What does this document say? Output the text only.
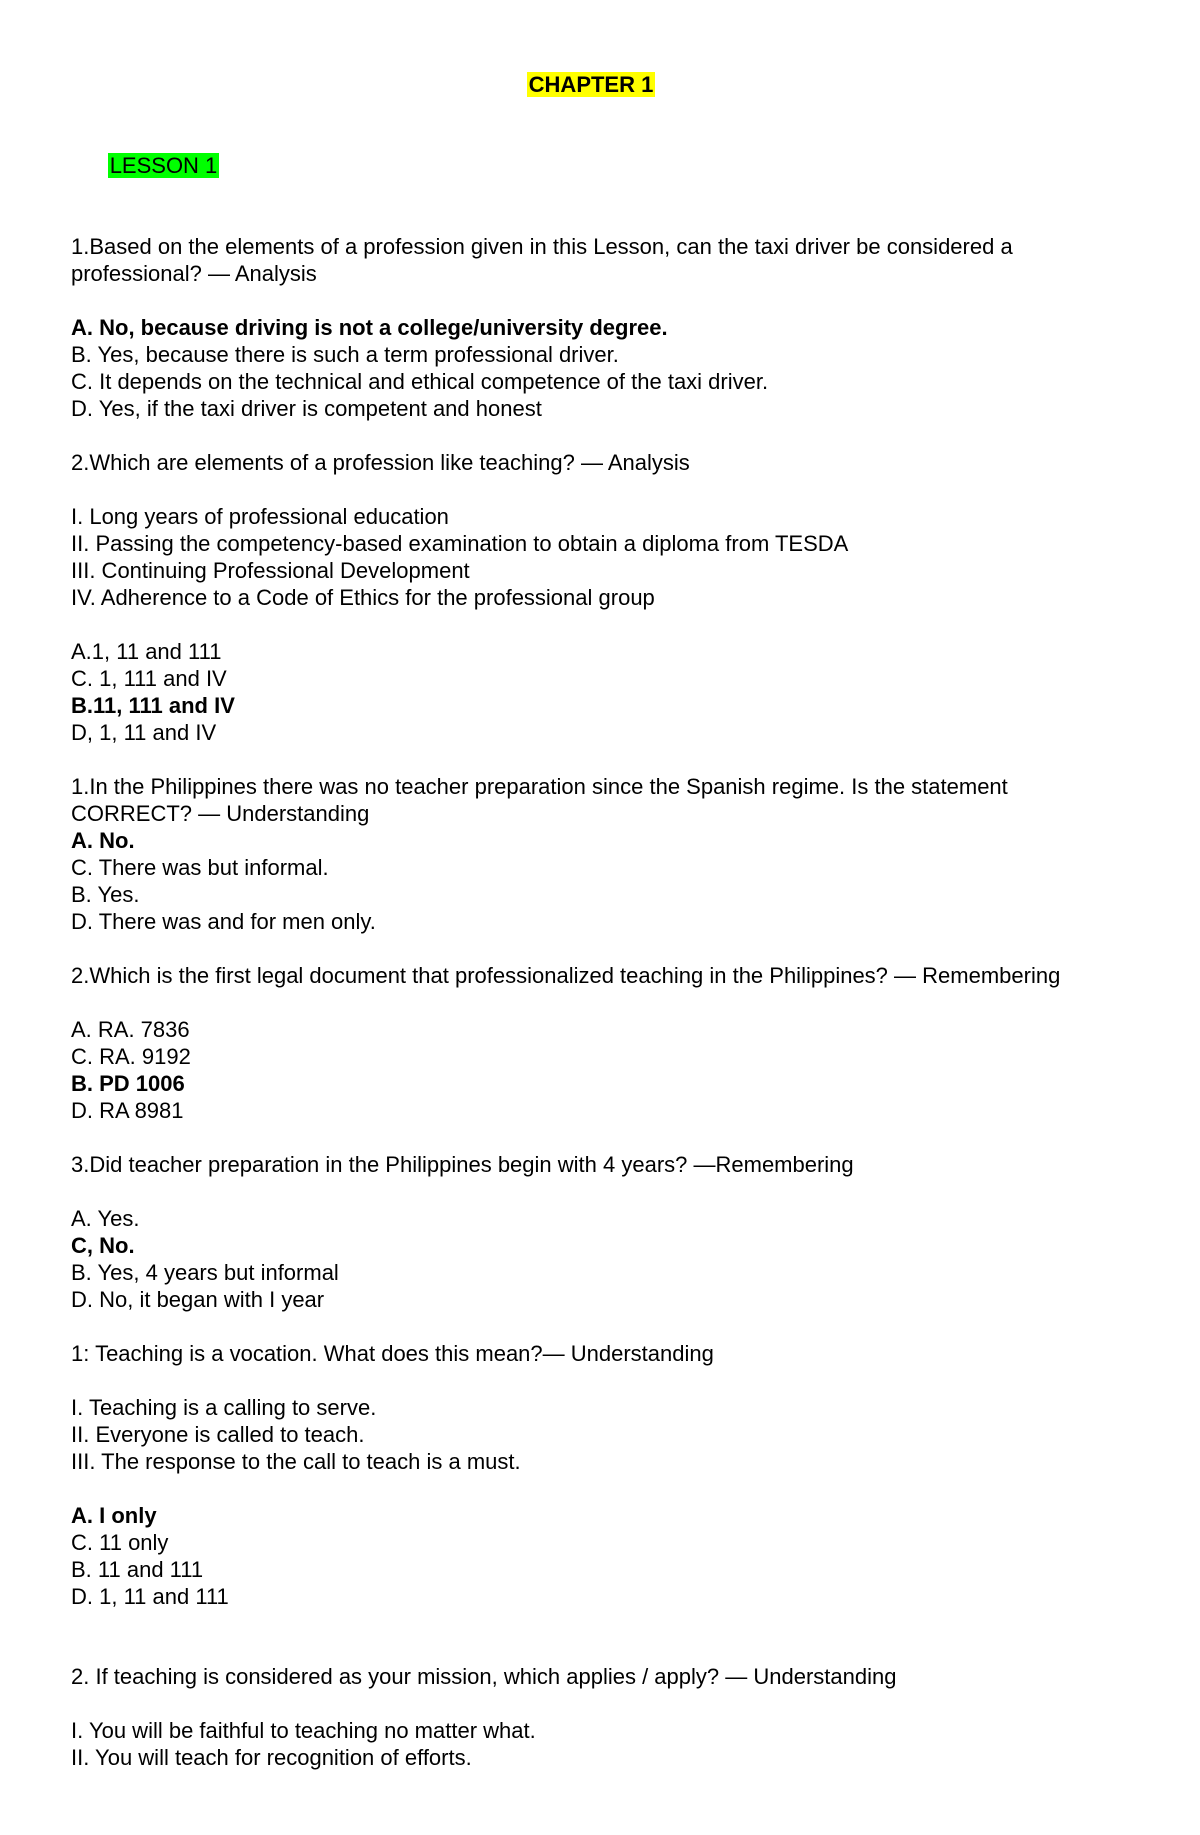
CHAPTER 1

LESSON 1

1.Based on the elements of a profession given in this Lesson, can the taxi driver be considered a professional? — Analysis
A. No, because driving is not a college/university degree.
B. Yes, because there is such a term professional driver.
C. It depends on the technical and ethical competence of the taxi driver.
D. Yes, if the taxi driver is competent and honest
2.Which are elements of a profession like teaching? — Analysis
I. Long years of professional education
II. Passing the competency-based examination to obtain a diploma from TESDA
III. Continuing Professional Development
IV. Adherence to a Code of Ethics for the professional group
A.1, 11 and 111
C. 1, 111 and IV
B.11, 111 and IV
D, 1, 11 and IV
1.In the Philippines there was no teacher preparation since the Spanish regime. Is the statement CORRECT? — Understanding
A. No.
C. There was but informal.
B. Yes.
D. There was and for men only.
2.Which is the first legal document that professionalized teaching in the Philippines? — Remembering
A. RA. 7836
C. RA. 9192
B. PD 1006
D. RA 8981
3.Did teacher preparation in the Philippines begin with 4 years? —Remembering
A. Yes.
C, No.
B. Yes, 4 years but informal
D. No, it began with I year
1: Teaching is a vocation. What does this mean?— Understanding
I. Teaching is a calling to serve.
II. Everyone is called to teach.
III. The response to the call to teach is a must.
A. I only
C. 11 only
B. 11 and 111
D. 1, 11 and 111
2. If teaching is considered as your mission, which applies / apply? — Understanding
I. You will be faithful to teaching no matter what.
II. You will teach for recognition of efforts.
